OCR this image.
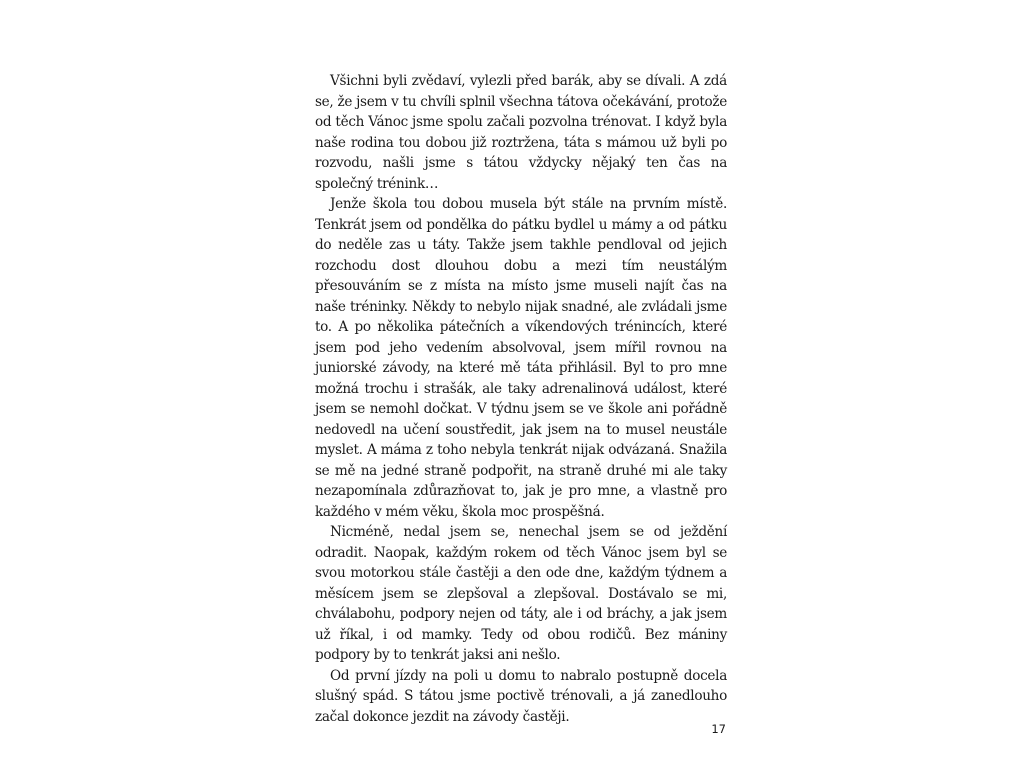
Všichni byli zvědaví, vylezli před barák, aby se dívali. A zdá se, že jsem v tu chvíli splnil všechna tátova očekávání, protože od těch Vánoc jsme spolu začali pozvolna trénovat. I když byla naše rodina tou dobou již roztržena, táta s mámou už byli po rozvodu, našli jsme s tátou vždycky nějaký ten čas na společný trénink…

Jenže škola tou dobou musela být stále na prvním místě. Tenkrát jsem od pondělka do pátku bydlel u mámy a od pátku do neděle zas u táty. Takže jsem takhle pendloval od jejich rozchodu dost dlouhou dobu a mezi tím neustálým přesouváním se z místa na místo jsme museli najít čas na naše tréninky. Někdy to nebylo nijak snadné, ale zvládali jsme to. A po několika pátečních a víkendových trénincích, které jsem pod jeho vedením absolvoval, jsem mířil rovnou na juniorské závody, na které mě táta přihlásil. Byl to pro mne možná trochu i strašák, ale taky adrenalinová událost, které jsem se nemohl dočkat. V týdnu jsem se ve škole ani pořádně nedovedl na učení soustředit, jak jsem na to musel neustále myslet. A máma z toho nebyla tenkrát nijak odvázaná. Snažila se mě na jedné straně podpořit, na straně druhé mi ale taky nezapomínala zdůrazňovat to, jak je pro mne, a vlastně pro každého v mém věku, škola moc prospěšná.

Nicméně, nedal jsem se, nenechal jsem se od ježdění odradit. Naopak, každým rokem od těch Vánoc jsem byl se svou motorkou stále častěji a den ode dne, každým týdnem a měsícem jsem se zlepšoval a zlepšoval. Dostávalo se mi, chválabohu, podpory nejen od táty, ale i od bráchy, a jak jsem už říkal, i od mamky. Tedy od obou rodičů. Bez mániny podpory by to tenkrát jaksi ani nešlo.

Od první jízdy na poli u domu to nabralo postupně docela slušný spád. S tátou jsme poctivě trénovali, a já zanedlouho začal dokonce jezdit na závody častěji.

17
